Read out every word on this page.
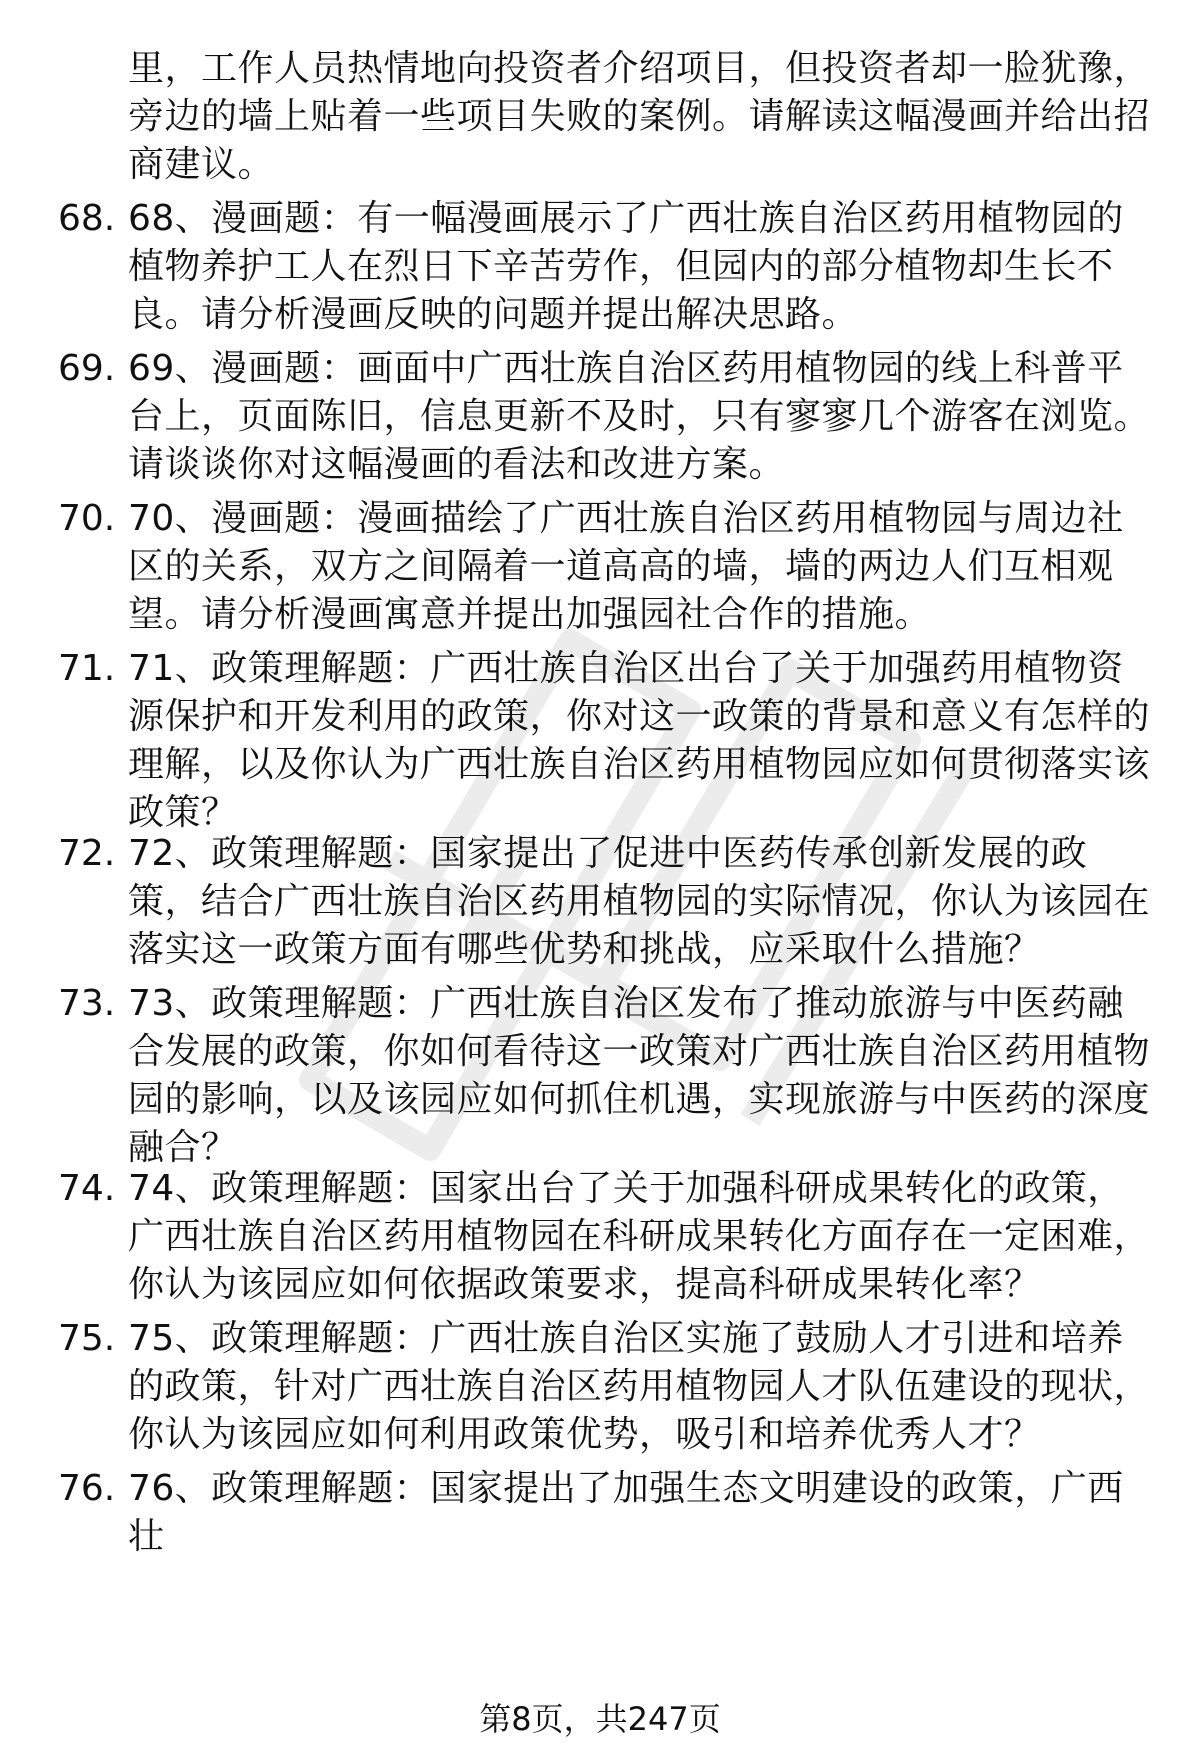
里，工作人员热情地向投资者介绍项目，但投资者却一脸犹豫，旁边的墙上贴着一些项目失败的案例。请解读这幅漫画并给出招商建议。
68. 68、漫画题：有一幅漫画展示了广西壮族自治区药用植物园的植物养护工人在烈日下辛苦劳作，但园内的部分植物却生长不良。请分析漫画反映的问题并提出解决思路。
69. 69、漫画题：画面中广西壮族自治区药用植物园的线上科普平台上，页面陈旧，信息更新不及时，只有寥寥几个游客在浏览。请谈谈你对这幅漫画的看法和改进方案。
70. 70、漫画题：漫画描绘了广西壮族自治区药用植物园与周边社区的关系，双方之间隔着一道高高的墙，墙的两边人们互相观望。请分析漫画寓意并提出加强园社合作的措施。
71. 71、政策理解题：广西壮族自治区出台了关于加强药用植物资源保护和开发利用的政策，你对这一政策的背景和意义有怎样的理解，以及你认为广西壮族自治区药用植物园应如何贯彻落实该政策？
72. 72、政策理解题：国家提出了促进中医药传承创新发展的政策，结合广西壮族自治区药用植物园的实际情况，你认为该园在落实这一政策方面有哪些优势和挑战，应采取什么措施？
73. 73、政策理解题：广西壮族自治区发布了推动旅游与中医药融合发展的政策，你如何看待这一政策对广西壮族自治区药用植物园的影响，以及该园应如何抓住机遇，实现旅游与中医药的深度融合？
74. 74、政策理解题：国家出台了关于加强科研成果转化的政策，广西壮族自治区药用植物园在科研成果转化方面存在一定困难，你认为该园应如何依据政策要求，提高科研成果转化率？
75. 75、政策理解题：广西壮族自治区实施了鼓励人才引进和培养的政策，针对广西壮族自治区药用植物园人才队伍建设的现状，你认为该园应如何利用政策优势，吸引和培养优秀人才？
76. 76、政策理解题：国家提出了加强生态文明建设的政策，广西壮
第8页，共247页
